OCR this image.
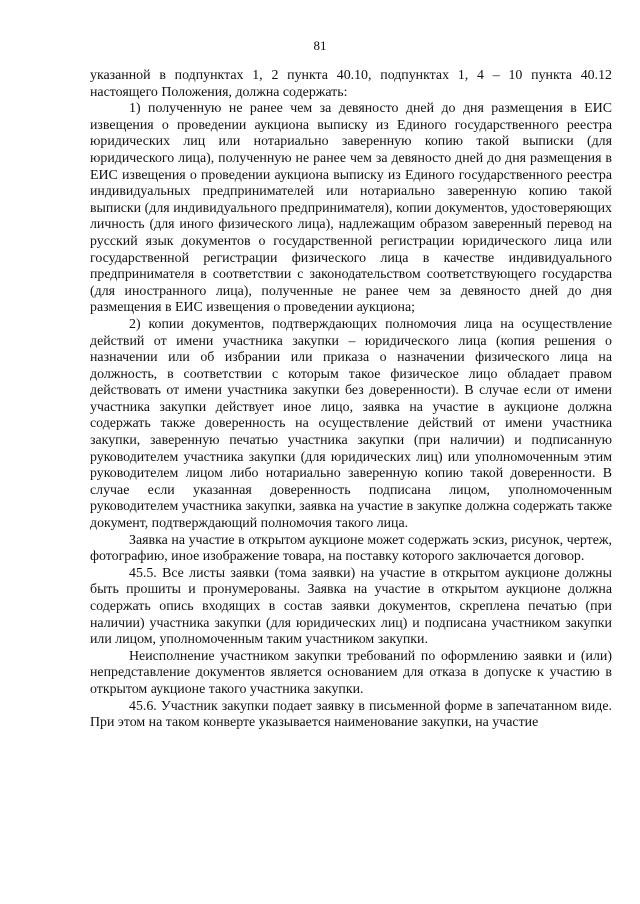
81

указанной в подпунктах 1, 2 пункта 40.10, подпунктах 1, 4 – 10 пункта 40.12 настоящего Положения, должна содержать:

1) полученную не ранее чем за девяносто дней до дня размещения в ЕИС извещения о проведении аукциона выписку из Единого государственного реестра юридических лиц или нотариально заверенную копию такой выписки (для юридического лица), полученную не ранее чем за девяносто дней до дня размещения в ЕИС извещения о проведении аукциона выписку из Единого государственного реестра индивидуальных предпринимателей или нотариально заверенную копию такой выписки (для индивидуального предпринимателя), копии документов, удостоверяющих личность (для иного физического лица), надлежащим образом заверенный перевод на русский язык документов о государственной регистрации юридического лица или государственной регистрации физического лица в качестве индивидуального предпринимателя в соответствии с законодательством соответствующего государства (для иностранного лица), полученные не ранее чем за девяносто дней до дня размещения в ЕИС извещения о проведении аукциона;

2) копии документов, подтверждающих полномочия лица на осуществление действий от имени участника закупки – юридического лица (копия решения о назначении или об избрании или приказа о назначении физического лица на должность, в соответствии с которым такое физическое лицо обладает правом действовать от имени участника закупки без доверенности). В случае если от имени участника закупки действует иное лицо, заявка на участие в аукционе должна содержать также доверенность на осуществление действий от имени участника закупки, заверенную печатью участника закупки (при наличии) и подписанную руководителем участника закупки (для юридических лиц) или уполномоченным этим руководителем лицом либо нотариально заверенную копию такой доверенности. В случае если указанная доверенность подписана лицом, уполномоченным руководителем участника закупки, заявка на участие в закупке должна содержать также документ, подтверждающий полномочия такого лица.

Заявка на участие в открытом аукционе может содержать эскиз, рисунок, чертеж, фотографию, иное изображение товара, на поставку которого заключается договор.

45.5. Все листы заявки (тома заявки) на участие в открытом аукционе должны быть прошиты и пронумерованы. Заявка на участие в открытом аукционе должна содержать опись входящих в состав заявки документов, скреплена печатью (при наличии) участника закупки (для юридических лиц) и подписана участником закупки или лицом, уполномоченным таким участником закупки.

Неисполнение участником закупки требований по оформлению заявки и (или) непредставление документов является основанием для отказа в допуске к участию в открытом аукционе такого участника закупки.

45.6. Участник закупки подает заявку в письменной форме в запечатанном виде. При этом на таком конверте указывается наименование закупки, на участие
